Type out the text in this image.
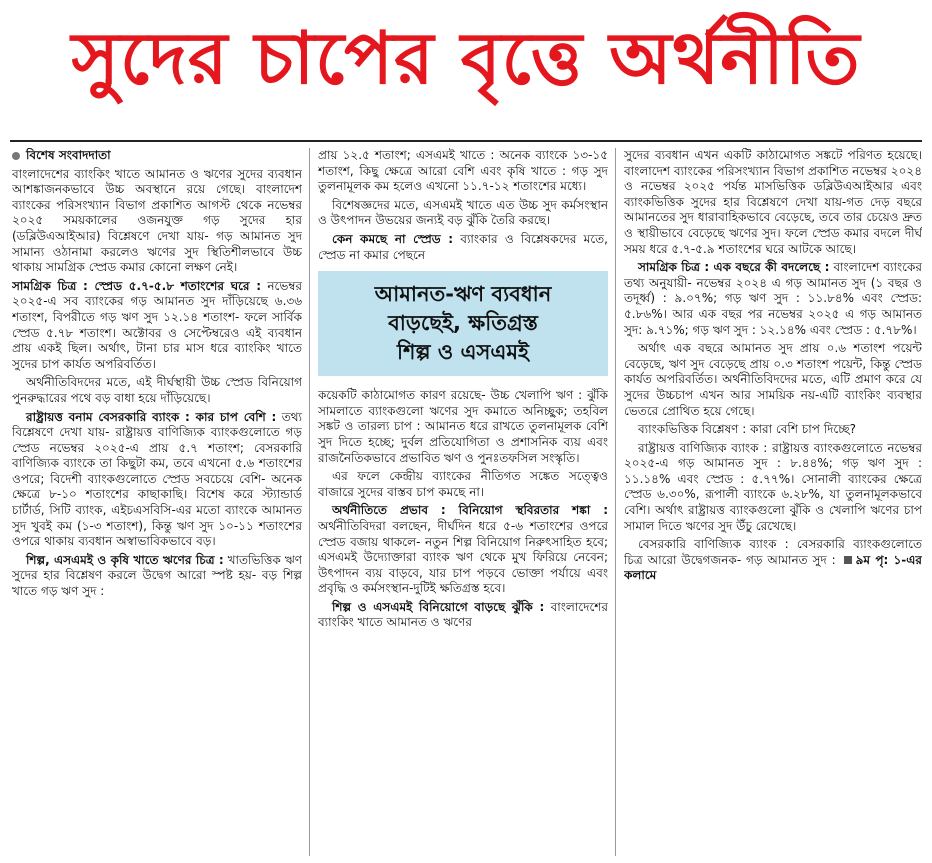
সুদের চাপের বৃত্তে অর্থনীতি
বিশেষ সংবাদদাতা

বাংলাদেশের ব্যাংকিং খাতে আমানত ও ঋণের সুদের ব্যবধান আশঙ্কাজনকভাবে উচ্চ অবস্থানে রয়ে গেছে। বাংলাদেশ ব্যাংকের পরিসংখ্যান বিভাগ প্রকাশিত আগস্ট থেকে নভেম্বর ২০২৫ সময়কালের ওজনযুক্ত গড় সুদের হার (ডব্লিউএআইআর) বিশ্লেষণে দেখা যায়- গড় আমানত সুদ সামান্য ওঠানামা করলেও ঋণের সুদ স্থিতিশীলভাবে উচ্চ থাকায় সামগ্রিক স্প্রেড কমার কোনো লক্ষণ নেই।

সামগ্রিক চিত্র : স্প্রেড ৫.৭-৫.৮ শতাংশের ঘরে : নভেম্বর ২০২৫-এ সব ব্যাংকের গড় আমানত সুদ দাঁড়িয়েছে ৬.৩৬ শতাংশ, বিপরীতে গড় ঋণ সুদ ১২.১৪ শতাংশ- ফলে সার্বিক স্প্রেড ৫.৭৮ শতাংশ। অক্টোবর ও সেপ্টেম্বরেও এই ব্যবধান প্রায় একই ছিল। অর্থাৎ, টানা চার মাস ধরে ব্যাংকিং খাতে সুদের চাপ কার্যত অপরিবর্তিত।

অর্থনীতিবিদদের মতে, এই দীর্ঘস্থায়ী উচ্চ স্প্রেড বিনিয়োগ পুনরুদ্ধারের পথে বড় বাধা হয়ে দাঁড়িয়েছে।

রাষ্ট্রায়ত্ত বনাম বেসরকারি ব্যাংক : কার চাপ বেশি : তথ্য বিশ্লেষণে দেখা যায়- রাষ্ট্রায়ত্ত বাণিজ্যিক ব্যাংকগুলোতে গড় স্প্রেড নভেম্বর ২০২৫-এ প্রায় ৫.৭ শতাংশ; বেসরকারি বাণিজ্যিক ব্যাংকে তা কিছুটা কম, তবে এখনো ৫.৬ শতাংশের ওপরে; বিদেশী ব্যাংকগুলোতে স্প্রেড সবচেয়ে বেশি- অনেক ক্ষেত্রে ৮-১০ শতাংশের কাছাকাছি। বিশেষ করে স্ট্যান্ডার্ড চার্টার্ড, সিটি ব্যাংক, এইচএসবিসি-এর মতো ব্যাংকে আমানত সুদ খুবই কম (১-৩ শতাংশ), কিন্তু ঋণ সুদ ১০-১১ শতাংশের ওপরে থাকায় ব্যবধান অস্বাভাবিকভাবে বড়।

শিল্প, এসএমই ও কৃষি খাতে ঋণের চিত্র : খাতভিত্তিক ঋণ সুদের হার বিশ্লেষণ করলে উদ্বেগ আরো স্পষ্ট হয়- বড় শিল্প খাতে গড় ঋণ সুদ :

প্রায় ১২.৫ শতাংশ; এসএমই খাতে : অনেক ব্যাংকে ১৩-১৫ শতাংশ, কিছু ক্ষেত্রে আরো বেশি এবং কৃষি খাতে : গড় সুদ তুলনামূলক কম হলেও এখনো ১১.৭-১২ শতাংশের মধ্যে।

বিশেষজ্ঞদের মতে, এসএমই খাতে এত উচ্চ সুদ কর্মসংস্থান ও উৎপাদন উভয়ের জন্যই বড় ঝুঁকি তৈরি করছে।

কেন কমছে না স্প্রেড : ব্যাংকার ও বিশ্লেষকদের মতে, স্প্রেড না কমার পেছনে

আমানত-ঋণ ব্যবধান
বাড়ছেই, ক্ষতিগ্রস্ত
শিল্প ও এসএমই

কয়েকটি কাঠামোগত কারণ রয়েছে- উচ্চ খেলাপি ঋণ : ঝুঁকি সামলাতে ব্যাংকগুলো ঋণের সুদ কমাতে অনিচ্ছুক; তহবিল সঙ্কট ও তারল্য চাপ : আমানত ধরে রাখতে তুলনামূলক বেশি সুদ দিতে হচ্ছে; দুর্বল প্রতিযোগিতা ও প্রশাসনিক ব্যয় এবং রাজনৈতিকভাবে প্রভাবিত ঋণ ও পুনঃতফসিল সংস্কৃতি।

এর ফলে কেন্দ্রীয় ব্যাংকের নীতিগত সঙ্কেত সত্ত্বেও বাজারে সুদের বাস্তব চাপ কমছে না।

অর্থনীতিতে প্রভাব : বিনিয়োগ স্থবিরতার শঙ্কা : অর্থনীতিবিদরা বলছেন, দীর্ঘদিন ধরে ৫-৬ শতাংশের ওপরে স্প্রেড বজায় থাকলে- নতুন শিল্প বিনিয়োগ নিরুৎসাহিত হবে; এসএমই উদ্যোক্তারা ব্যাংক ঋণ থেকে মুখ ফিরিয়ে নেবেন; উৎপাদন ব্যয় বাড়বে, যার চাপ পড়বে ভোক্তা পর্যায়ে এবং প্রবৃদ্ধি ও কর্মসংস্থান-দুটিই ক্ষতিগ্রস্ত হবে।

শিল্প ও এসএমই বিনিয়োগে বাড়ছে ঝুঁকি : বাংলাদেশের ব্যাংকিং খাতে আমানত ও ঋণের

সুদের ব্যবধান এখন একটি কাঠামোগত সঙ্কটে পরিণত হয়েছে। বাংলাদেশ ব্যাংকের পরিসংখ্যান বিভাগ প্রকাশিত নভেম্বর ২০২৪ ও নভেম্বর ২০২৫ পর্যন্ত মাসভিত্তিক ডব্লিউএআইআর এবং ব্যাংকভিত্তিক সুদের হার বিশ্লেষণে দেখা যায়-গত দেড় বছরে আমানতের সুদ ধারাবাহিকভাবে বেড়েছে, তবে তার চেয়েও দ্রুত ও স্থায়ীভাবে বেড়েছে ঋণের সুদ। ফলে স্প্রেড কমার বদলে দীর্ঘ সময় ধরে ৫.৭-৫.৯ শতাংশের ঘরে আটকে আছে।

সামগ্রিক চিত্র : এক বছরে কী বদলেছে : বাংলাদেশ ব্যাংকের তথ্য অনুযায়ী- নভেম্বর ২০২৪ এ গড় আমানত সুদ (১ বছর ও তদূর্ধ্ব) : ৯.০৭%; গড় ঋণ সুদ : ১১.৮৪% এবং স্প্রেড: ৫.৮৬%। আর এক বছর পর নভেম্বর ২০২৫ এ গড় আমানত সুদ: ৯.৭১%; গড় ঋণ সুদ : ১২.১৪% এবং স্প্রেড : ৫.৭৮%।

অর্থাৎ এক বছরে আমানত সুদ প্রায় ০.৬ শতাংশ পয়েন্ট বেড়েছে, ঋণ সুদ বেড়েছে প্রায় ০.৩ শতাংশ পয়েন্ট, কিন্তু স্প্রেড কার্যত অপরিবর্তিত। অর্থনীতিবিদদের মতে, এটি প্রমাণ করে যে সুদের উচ্চচাপ এখন আর সাময়িক নয়-এটি ব্যাংকিং ব্যবস্থার ভেতরে প্রোথিত হয়ে গেছে।

ব্যাংকভিত্তিক বিশ্লেষণ : কারা বেশি চাপ দিচ্ছে?

রাষ্ট্রায়ত্ত বাণিজ্যিক ব্যাংক : রাষ্ট্রায়ত্ত ব্যাংকগুলোতে নভেম্বর ২০২৫-এ গড় আমানত সুদ : ৮.৪৪%; গড় ঋণ সুদ : ১১.১৪% এবং স্প্রেড : ৫.৭৭%। সোনালী ব্যাংকের ক্ষেত্রে স্প্রেড ৬.৩০%, রূপালী ব্যাংকে ৬.২৮%, যা তুলনামূলকভাবে বেশি। অর্থাৎ রাষ্ট্রায়ত্ত ব্যাংকগুলো ঝুঁকি ও খেলাপি ঋণের চাপ সামাল দিতে ঋণের সুদ উঁচু রেখেছে।

বেসরকারি বাণিজ্যিক ব্যাংক : বেসরকারি ব্যাংকগুলোতে চিত্র আরো উদ্বেগজনক- গড় আমানত সুদ : ৯ম পৃ: ১-এর কলামে
